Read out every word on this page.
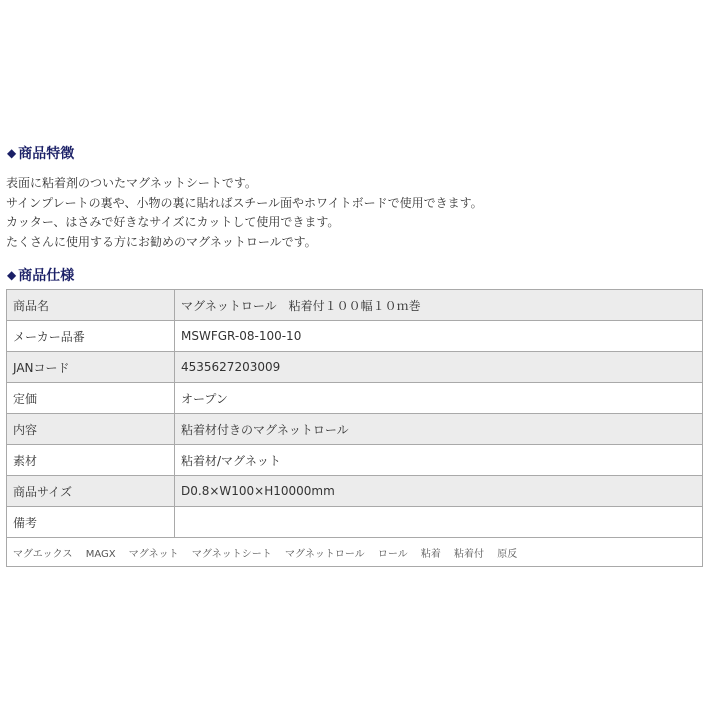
◆ 商品特徴
表面に粘着剤のついたマグネットシートです。
サインプレートの裏や、小物の裏に貼ればスチール面やホワイトボードで使用できます。
カッター、はさみで好きなサイズにカットして使用できます。
たくさんに使用する方にお勧めのマグネットロールです。
◆ 商品仕様
商品名	マグネットロール　粘着付１００幅１０ｍ巻
メーカー品番	MSWFGR-08-100-10
JANコード	4535627203009
定価	オープン
内容	粘着材付きのマグネットロール
素材	粘着材/マグネット
商品サイズ	D0.8×W100×H10000mm
備考	
マグエックス MAGX マグネット マグネットシート マグネットロール ロール 粘着 粘着付 原反	
